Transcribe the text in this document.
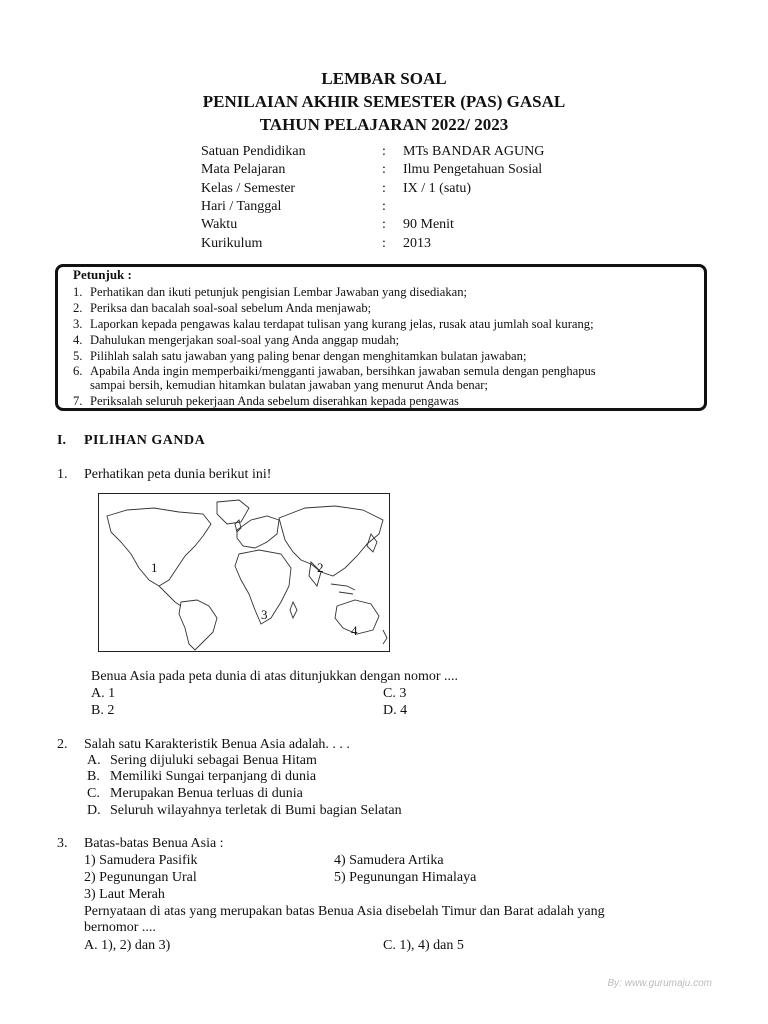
LEMBAR SOAL
PENILAIAN AKHIR SEMESTER (PAS) GASAL
TAHUN PELAJARAN 2022/ 2023
Satuan Pendidikan	: MTs BANDAR AGUNG
Mata Pelajaran	: Ilmu Pengetahuan Sosial
Kelas / Semester	: IX / 1 (satu)
Hari / Tanggal	:
Waktu	: 90 Menit
Kurikulum	: 2013
Petunjuk :
1. Perhatikan dan ikuti petunjuk pengisian Lembar Jawaban yang disediakan;
2. Periksa dan bacalah soal-soal sebelum Anda menjawab;
3. Laporkan kepada pengawas kalau terdapat tulisan yang kurang jelas, rusak atau jumlah soal kurang;
4. Dahulukan mengerjakan soal-soal yang Anda anggap mudah;
5. Pilihlah salah satu jawaban yang paling benar dengan menghitamkan bulatan jawaban;
6. Apabila Anda ingin memperbaiki/mengganti jawaban, bersihkan jawaban semula dengan penghapus
sampai bersih, kemudian hitamkan bulatan jawaban yang menurut Anda benar;
7. Periksalah seluruh pekerjaan Anda sebelum diserahkan kepada pengawas
I. PILIHAN GANDA
1. Perhatikan peta dunia berikut ini!
1	2
3
4
Benua Asia pada peta dunia di atas ditunjukkan dengan nomor ....
A. 1
B. 2
C. 3
D. 4
2. Salah satu Karakteristik Benua Asia adalah. . . .
A. Sering dijuluki sebagai Benua Hitam
B. Memiliki Sungai terpanjang di dunia
C. Merupakan Benua terluas di dunia
D. Seluruh wilayahnya terletak di Bumi bagian Selatan
3. Batas-batas Benua Asia :
1) Samudera Pasifik
2) Pegunungan Ural
3) Laut Merah
4) Samudera Artika
5) Pegunungan Himalaya
Pernyataan di atas yang merupakan batas Benua Asia disebelah Timur dan Barat adalah yang
bernomor ....
A. 1), 2) dan 3)	C. 1), 4) dan 5
By: www.gurumaju.com
